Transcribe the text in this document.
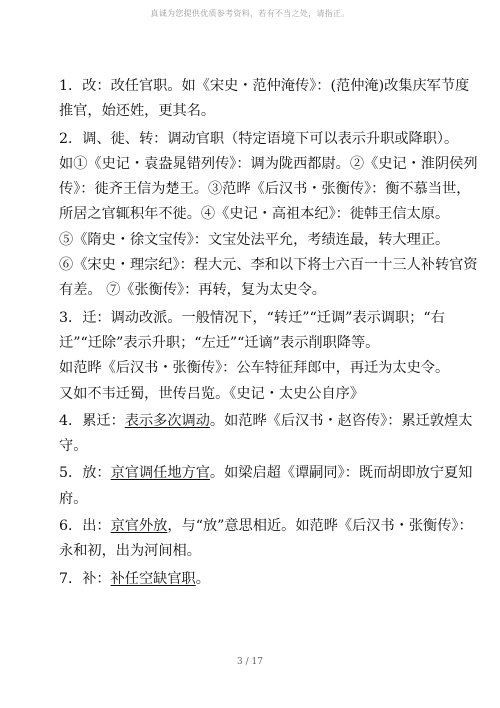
真诚为您提供优质参考资料，若有不当之处，请指正。
1．改：改任官职。如《宋史・范仲淹传》：(范仲淹)改集庆军节度
推官，始还姓，更其名。
2．调、徙、转：调动官职（特定语境下可以表示升职或降职）。
如①《史记・袁盎晁错列传》：调为陇西都尉。②《史记・淮阴侯列
传》：徙齐王信为楚王。③范晔《后汉书・张衡传》：衡不慕当世，
所居之官辄积年不徙。④《史记・高祖本纪》：徙韩王信太原。
⑤《隋史・徐文宝传》：文宝处法平允，考绩连最，转大理正。
⑥《宋史・理宗纪》：程大元、李和以下将士六百一十三人补转官资
有差。 ⑦《张衡传》：再转，复为太史令。
3．迁：调动改派。一般情况下，“转迁”“迁调”表示调职；“右
迁”“迁除”表示升职；“左迁”“迁谪”表示削职降等。
如范晔《后汉书・张衡传》：公车特征拜郎中，再迁为太史令。
又如不韦迁蜀，世传吕览。《史记・太史公自序》
4．累迁：表示多次调动。如范晔《后汉书・赵咨传》：累迁敦煌太
守。
5．放：京官调任地方官。如梁启超《谭嗣同》：既而胡即放宁夏知
府。
6．出：京官外放，与“放”意思相近。如范晔《后汉书・张衡传》：
永和初，出为河间相。
7．补：补任空缺官职。
3 / 17
